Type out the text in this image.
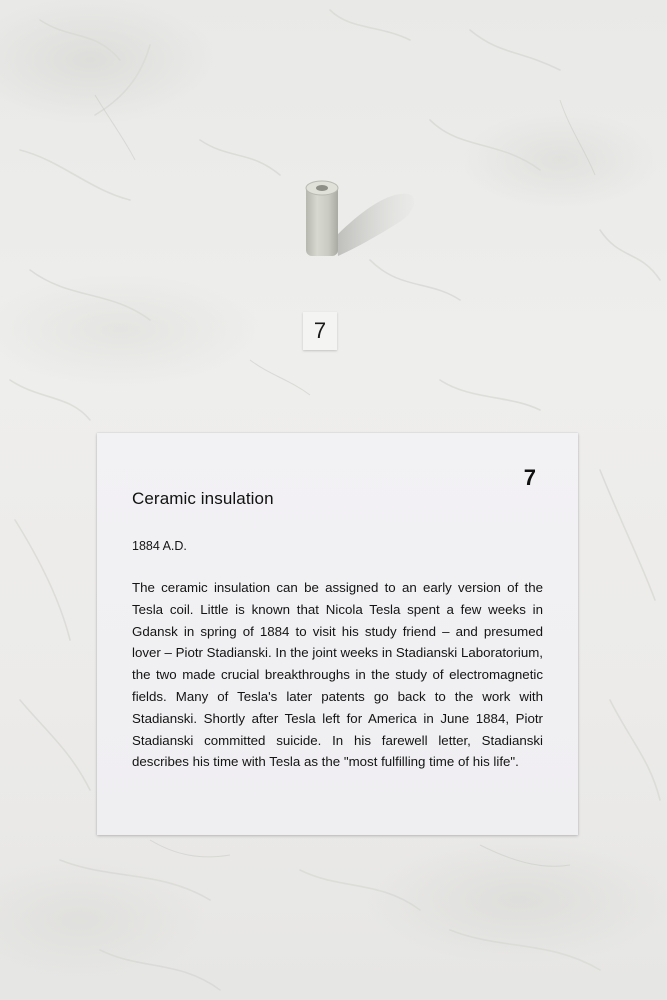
7
7
Ceramic insulation
1884 A.D.
The ceramic insulation can be assigned to an early version of the Tesla coil. Little is known that Nicola Tesla spent a few weeks in Gdansk in spring of 1884 to visit his study friend – and presumed lover – Piotr Stadianski. In the joint weeks in Stadianski Laboratorium, the two made crucial breakthroughs in the study of electromagnetic fields. Many of Tesla's later patents go back to the work with Stadianski. Shortly after Tesla left for America in June 1884, Piotr Stadianski committed suicide. In his farewell letter, Stadianski describes his time with Tesla as the "most fulfilling time of his life".
